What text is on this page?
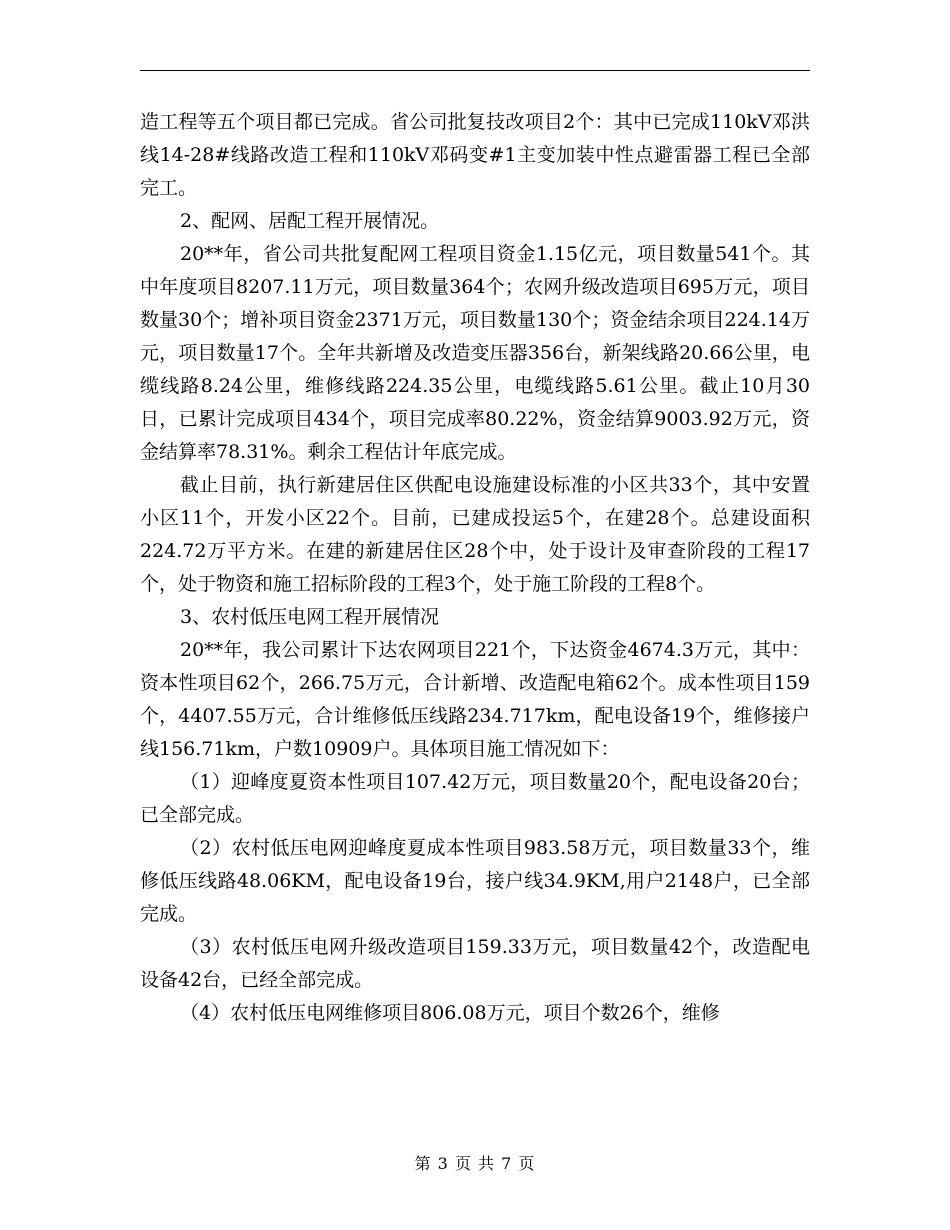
造工程等五个项目都已完成。省公司批复技改项目2个：其中已完成110kV邓洪线14-28#线路改造工程和110kV邓码变#1主变加装中性点避雷器工程已全部完工。

2、配网、居配工程开展情况。

20**年，省公司共批复配网工程项目资金1.15亿元，项目数量541个。其中年度项目8207.11万元，项目数量364个；农网升级改造项目695万元，项目数量30个；增补项目资金2371万元，项目数量130个；资金结余项目224.14万元，项目数量17个。全年共新增及改造变压器356台，新架线路20.66公里，电缆线路8.24公里，维修线路224.35公里，电缆线路5.61公里。截止10月30日，已累计完成项目434个，项目完成率80.22%，资金结算9003.92万元，资金结算率78.31%。剩余工程估计年底完成。

截止目前，执行新建居住区供配电设施建设标准的小区共33个，其中安置小区11个，开发小区22个。目前，已建成投运5个，在建28个。总建设面积224.72万平方米。在建的新建居住区28个中，处于设计及审查阶段的工程17个，处于物资和施工招标阶段的工程3个，处于施工阶段的工程8个。

3、农村低压电网工程开展情况

20**年，我公司累计下达农网项目221个，下达资金4674.3万元，其中：资本性项目62个，266.75万元，合计新增、改造配电箱62个。成本性项目159个，4407.55万元，合计维修低压线路234.717km，配电设备19个，维修接户线156.71km，户数10909户。具体项目施工情况如下：

（1）迎峰度夏资本性项目107.42万元，项目数量20个，配电设备20台；已全部完成。

（2）农村低压电网迎峰度夏成本性项目983.58万元，项目数量33个，维修低压线路48.06KM，配电设备19台，接户线34.9KM,用户2148户，已全部完成。

（3）农村低压电网升级改造项目159.33万元，项目数量42个，改造配电设备42台，已经全部完成。

（4）农村低压电网维修项目806.08万元，项目个数26个，维修

第 3 页 共 7 页
